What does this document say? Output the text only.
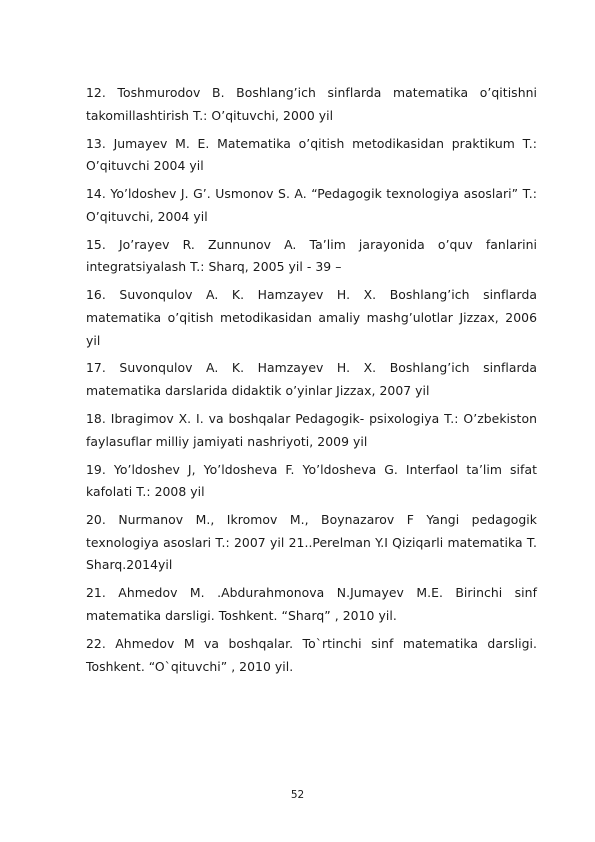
12. Toshmurodov B. Boshlang’ich sinflarda matematika o’qitishni takomillashtirish T.: O’qituvchi, 2000 yil

13. Jumayev M. E. Matematika o’qitish metodikasidan praktikum T.: O’qituvchi 2004 yil

14. Yo’ldoshev J. G’. Usmonov S. A. “Pedagogik texnologiya asoslari” T.: O’qituvchi, 2004 yil

15. Jo’rayev R. Zunnunov A. Ta’lim jarayonida o’quv fanlarini integratsiyalash T.: Sharq, 2005 yil - 39 –

16. Suvonqulov A. K. Hamzayev H. X. Boshlang’ich sinflarda matematika o’qitish metodikasidan amaliy mashg’ulotlar Jizzax, 2006 yil

17. Suvonqulov A. K. Hamzayev H. X. Boshlang’ich sinflarda matematika darslarida didaktik o’yinlar Jizzax, 2007 yil

18. Ibragimov X. I. va boshqalar Pedagogik- psixologiya T.: O’zbekiston faylasuflar milliy jamiyati nashriyoti, 2009 yil

19. Yo’ldoshev J, Yo’ldosheva F. Yo’ldosheva G. Interfaol ta’lim sifat kafolati T.: 2008 yil

20. Nurmanov M., Ikromov M., Boynazarov F Yangi pedagogik texnologiya asoslari T.: 2007 yil 21..Perelman Y.I Qiziqarli matematika T. Sharq.2014yil

21. Ahmedov M. .Abdurahmonova N.Jumayev M.E. Birinchi sinf matematika darsligi. Toshkent. “Sharq” , 2010 yil.

22. Ahmedov M va boshqalar. To`rtinchi sinf matematika darsligi. Toshkent. “O`qituvchi” , 2010 yil.

52
